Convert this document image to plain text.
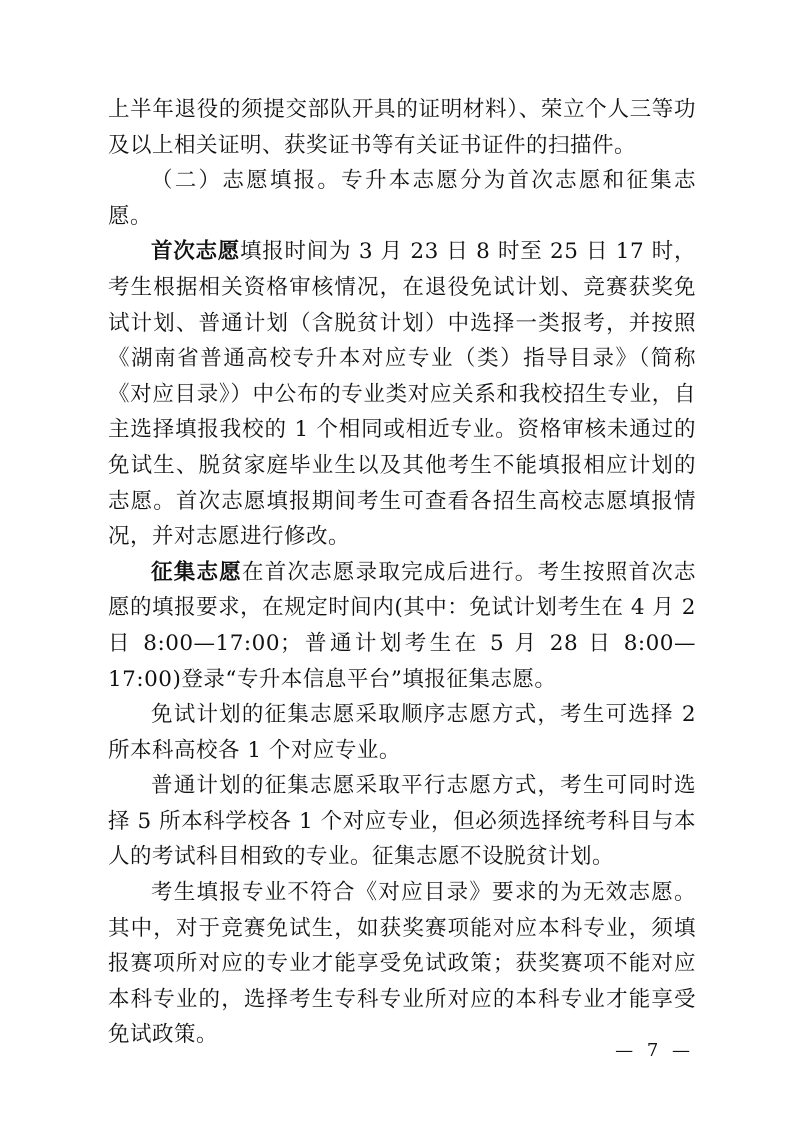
上半年退役的须提交部队开具的证明材料）、荣立个人三等功及以上相关证明、获奖证书等有关证书证件的扫描件。

（二）志愿填报。专升本志愿分为首次志愿和征集志愿。

首次志愿填报时间为 3 月 23 日 8 时至 25 日 17 时，考生根据相关资格审核情况，在退役免试计划、竞赛获奖免试计划、普通计划（含脱贫计划）中选择一类报考，并按照《湖南省普通高校专升本对应专业（类）指导目录》（简称《对应目录》）中公布的专业类对应关系和我校招生专业，自主选择填报我校的 1 个相同或相近专业。资格审核未通过的免试生、脱贫家庭毕业生以及其他考生不能填报相应计划的志愿。首次志愿填报期间考生可查看各招生高校志愿填报情况，并对志愿进行修改。

征集志愿在首次志愿录取完成后进行。考生按照首次志愿的填报要求，在规定时间内(其中：免试计划考生在 4 月 2 日 8:00—17:00；普通计划考生在 5 月 28 日 8:00—17:00)登录“专升本信息平台”填报征集志愿。

免试计划的征集志愿采取顺序志愿方式，考生可选择 2 所本科高校各 1 个对应专业。

普通计划的征集志愿采取平行志愿方式，考生可同时选择 5 所本科学校各 1 个对应专业，但必须选择统考科目与本人的考试科目相致的专业。征集志愿不设脱贫计划。

考生填报专业不符合《对应目录》要求的为无效志愿。其中，对于竞赛免试生，如获奖赛项能对应本科专业，须填报赛项所对应的专业才能享受免试政策；获奖赛项不能对应本科专业的，选择考生专科专业所对应的本科专业才能享受免试政策。

— 7 —
